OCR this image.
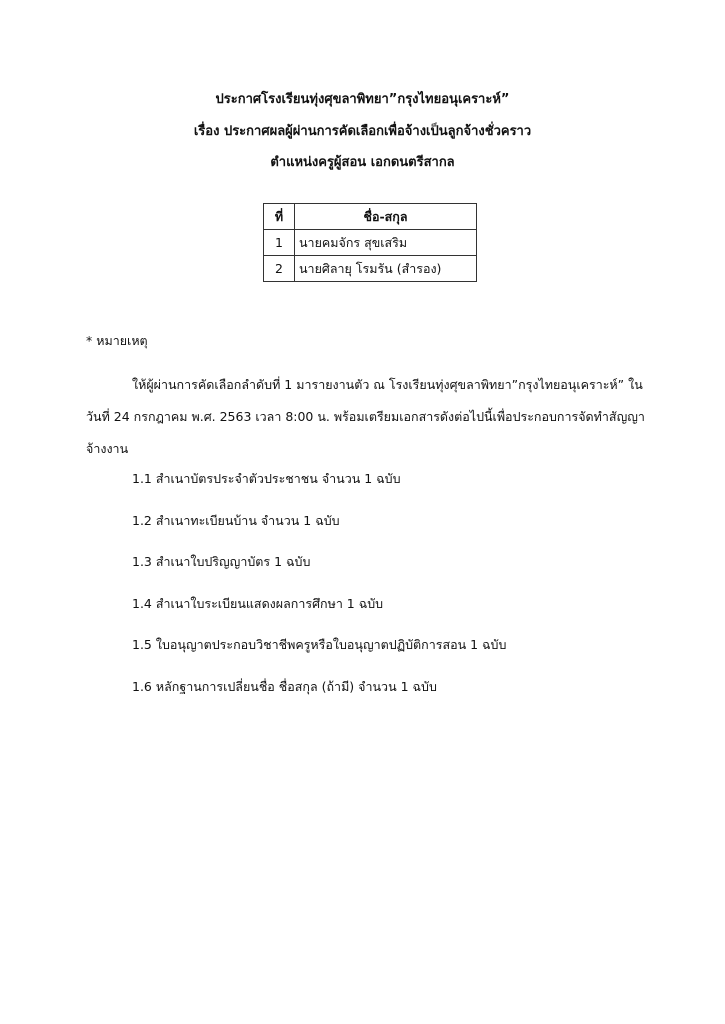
ประกาศโรงเรียนทุ่งศุขลาพิทยา”กรุงไทยอนุเคราะห์”
เรื่อง ประกาศผลผู้ผ่านการคัดเลือกเพื่อจ้างเป็นลูกจ้างชั่วคราว
ตำแหน่งครูผู้สอน เอกดนตรีสากล
ที่	ชื่อ-สกุล
1	นายคมจักร สุขเสริม
2	นายศิลายุ โรมรัน (สำรอง)
* หมายเหตุ
ให้ผู้ผ่านการคัดเลือกลำดับที่ 1 มารายงานตัว ณ โรงเรียนทุ่งศุขลาพิทยา”กรุงไทยอนุเคราะห์” ใน
วันที่ 24 กรกฎาคม พ.ศ. 2563 เวลา 8:00 น. พร้อมเตรียมเอกสารดังต่อไปนี้เพื่อประกอบการจัดทำสัญญา
จ้างงาน
1.1 สำเนาบัตรประจำตัวประชาชน จำนวน 1 ฉบับ
1.2 สำเนาทะเบียนบ้าน จำนวน 1 ฉบับ
1.3 สำเนาใบปริญญาบัตร 1 ฉบับ
1.4 สำเนาใบระเบียนแสดงผลการศึกษา 1 ฉบับ
1.5 ใบอนุญาตประกอบวิชาชีพครูหรือใบอนุญาตปฏิบัติการสอน 1 ฉบับ
1.6 หลักฐานการเปลี่ยนชื่อ ชื่อสกุล (ถ้ามี) จำนวน 1 ฉบับ
